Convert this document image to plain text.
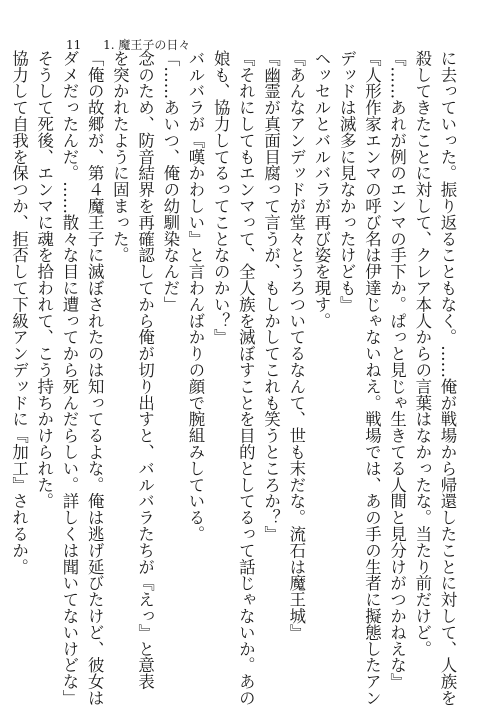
11 1. 魔王子の日々

に去っていった。振り返ることもなく。……俺が戦場から帰還したことに対して、人族を

殺してきたことに対して、クレア本人からの言葉はなかったな。当たり前だけど。

『……あれが例のエンマの手下か。ぱっと見じゃ生きてる人間と見分けがつかねえな』

『人形作家エンマの呼び名は伊達じゃないねえ。戦場では、あの手の生者に擬態したアン

デッドは滅多に見なかったけども』

ヘッセルとバルバラが再び姿を現す。

『あんなアンデッドが堂々とうろついてるなんて、世も末だな。流石は魔王城』

『幽霊が真面目腐って言うが、もしかしてこれも笑うところか？』

『それにしてもエンマって、全人族を滅ぼすことを目的としてるって話じゃないか。あの

娘も、協力してるってことなのかい？』

バルバラが『嘆かわしい』と言わんばかりの顔で腕組みしている。

「……あいつ、俺の幼馴染なんだ」

念のため、防音結界を再確認してから俺が切り出すと、バルバラたちが『えっ』と意表

を突かれたように固まった。

「俺の故郷が、第４魔王子に滅ぼされたのは知ってるよな。俺は逃げ延びたけど、彼女は

ダメだったんだ。……散々な目に遭ってから死んだらしい。詳しくは聞いてないけどな」

そうして死後、エンマに魂を拾われて、こう持ちかけられた。

協力して自我を保つか、拒否して下級アンデッドに『加工』されるか。
